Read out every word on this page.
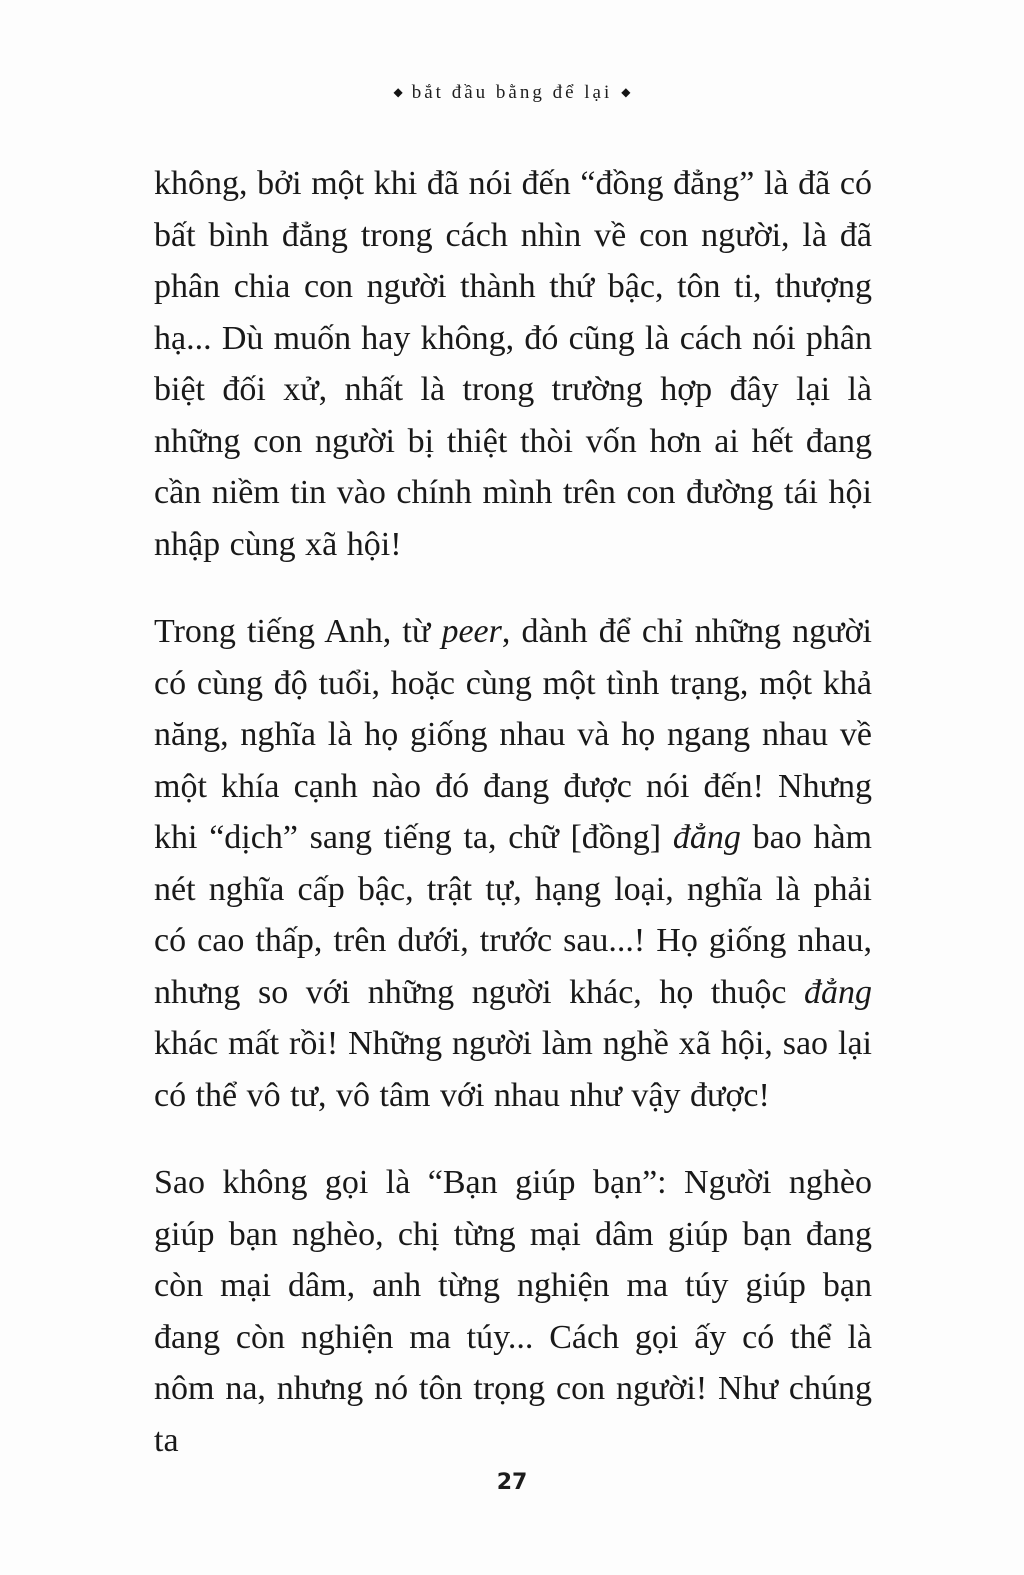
◆ bắt đầu bằng để lại ◆

không, bởi một khi đã nói đến “đồng đẳng” là đã có bất bình đẳng trong cách nhìn về con người, là đã phân chia con người thành thứ bậc, tôn ti, thượng hạ... Dù muốn hay không, đó cũng là cách nói phân biệt đối xử, nhất là trong trường hợp đây lại là những con người bị thiệt thòi vốn hơn ai hết đang cần niềm tin vào chính mình trên con đường tái hội nhập cùng xã hội!

Trong tiếng Anh, từ peer, dành để chỉ những người có cùng độ tuổi, hoặc cùng một tình trạng, một khả năng, nghĩa là họ giống nhau và họ ngang nhau về một khía cạnh nào đó đang được nói đến! Nhưng khi “dịch” sang tiếng ta, chữ [đồng] đẳng bao hàm nét nghĩa cấp bậc, trật tự, hạng loại, nghĩa là phải có cao thấp, trên dưới, trước sau...! Họ giống nhau, nhưng so với những người khác, họ thuộc đẳng khác mất rồi! Những người làm nghề xã hội, sao lại có thể vô tư, vô tâm với nhau như vậy được!

Sao không gọi là “Bạn giúp bạn”: Người nghèo giúp bạn nghèo, chị từng mại dâm giúp bạn đang còn mại dâm, anh từng nghiện ma túy giúp bạn đang còn nghiện ma túy... Cách gọi ấy có thể là nôm na, nhưng nó tôn trọng con người! Như chúng ta

27
